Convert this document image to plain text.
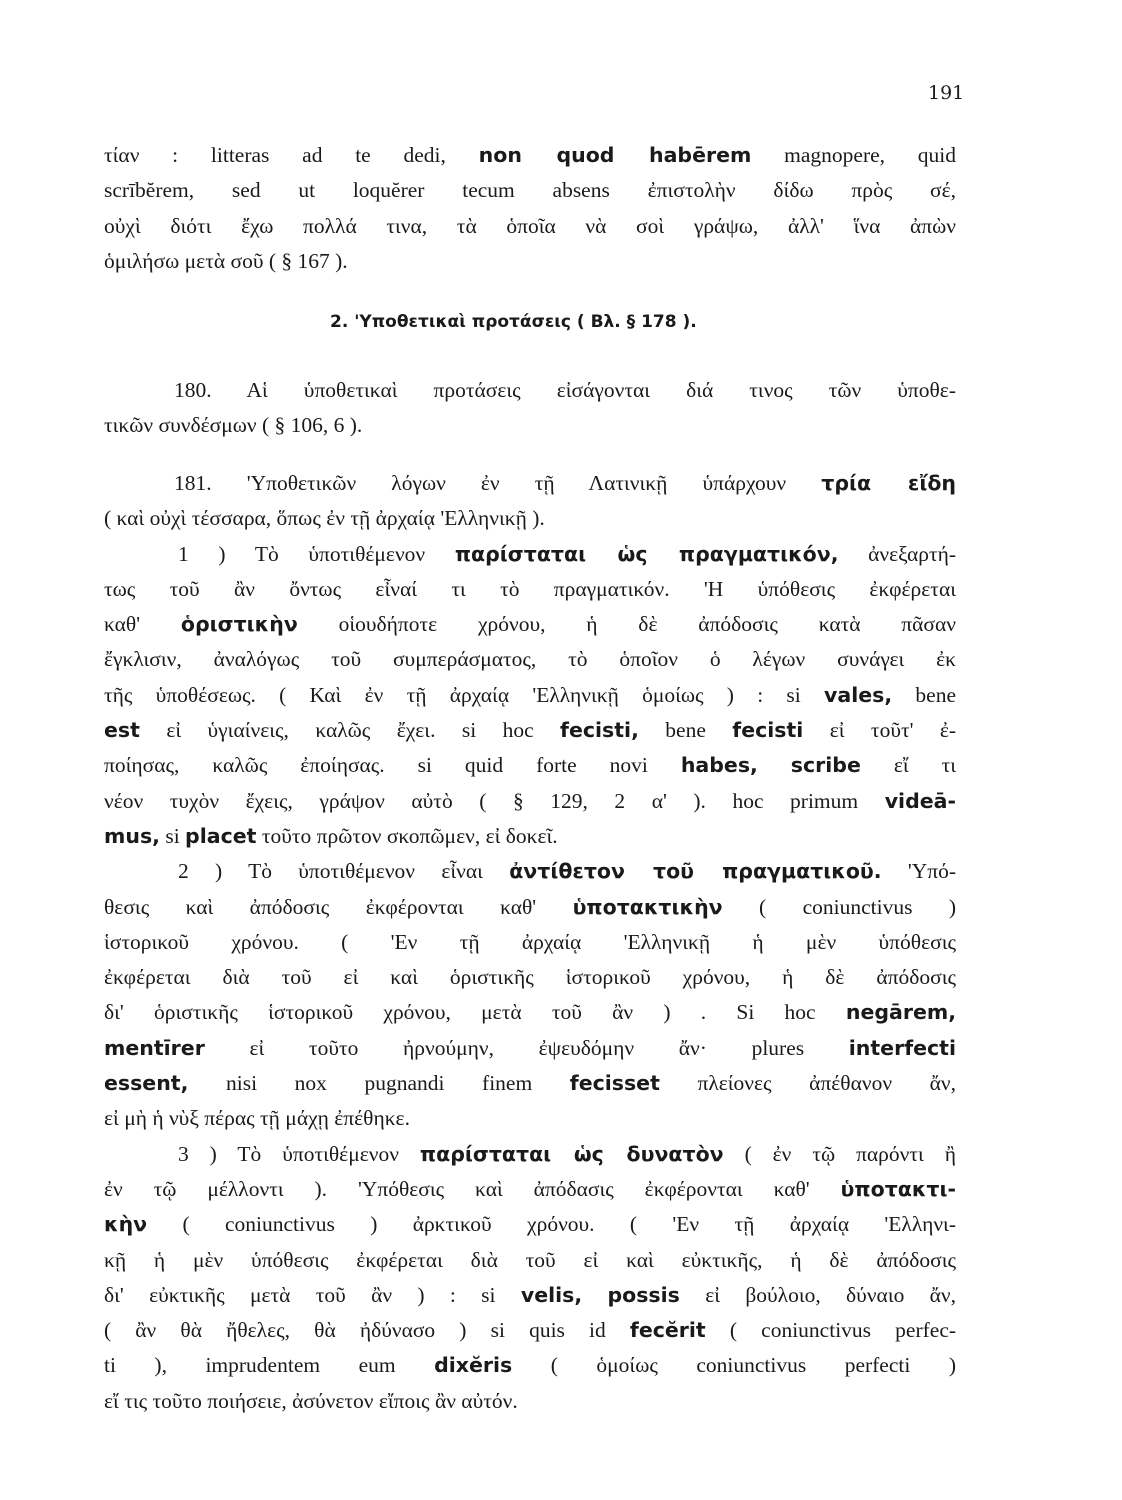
191
τίαν : litteras ad te dedi, non quod habērem magnopere, quid
scrībĕrem, sed ut loquĕrer tecum absens ἐπιστολὴν δίδω πρὸς σέ,
οὐχὶ διότι ἔχω πολλά τινα, τὰ ὁποῖα νὰ σοὶ γράψω, ἀλλ' ἵνα ἀπὼν
ὁμιλήσω μετὰ σοῦ ( § 167 ).
2. 'Υποθετικαὶ προτάσεις ( Βλ. § 178 ).
180. Αἱ ὑποθετικαὶ προτάσεις εἰσάγονται διά τινος τῶν ὑποθε-
τικῶν συνδέσμων ( § 106, 6 ).
181. 'Υποθετικῶν λόγων ἐν τῇ Λατινικῇ ὑπάρχουν τρία εἴδη
( καὶ οὐχὶ τέσσαρα, ὅπως ἐν τῇ ἀρχαίᾳ 'Ελληνικῇ ).
1 ) Τὸ ὑποτιθέμενον παρίσταται ὡς πραγματικόν, ἀνεξαρτή-
τως τοῦ ἂν ὄντως εἶναί τι τὸ πραγματικόν. 'Η ὑπόθεσις ἐκφέρεται
καθ' ὁριστικὴν οἱουδήποτε χρόνου, ἡ δὲ ἀπόδοσις κατὰ πᾶσαν
ἔγκλισιν, ἀναλόγως τοῦ συμπεράσματος, τὸ ὁποῖον ὁ λέγων συνάγει ἐκ
τῆς ὑποθέσεως. ( Καὶ ἐν τῇ ἀρχαίᾳ 'Ελληνικῇ ὁμοίως ) : si vales, bene
est εἰ ὑγιαίνεις, καλῶς ἔχει. si hoc fecisti, bene fecisti εἰ τοῦτ' ἐ-
ποίησας, καλῶς ἐποίησας. si quid forte novi habes, scribe εἴ τι
νέον τυχὸν ἔχεις, γράψον αὐτὸ ( § 129, 2 α' ). hoc primum videā-
mus, si placet τοῦτο πρῶτον σκοπῶμεν, εἰ δοκεῖ.
2 ) Τὸ ὑποτιθέμενον εἶναι ἀντίθετον τοῦ πραγματικοῦ. 'Υπό-
θεσις καὶ ἀπόδοσις ἐκφέρονται καθ' ὑποτακτικὴν ( coniunctivus )
ἱστορικοῦ χρόνου. ( 'Εν τῇ ἀρχαίᾳ 'Ελληνικῇ ἡ μὲν ὑπόθεσις
ἐκφέρεται διὰ τοῦ εἰ καὶ ὁριστικῆς ἱστορικοῦ χρόνου, ἡ δὲ ἀπόδοσις
δι' ὁριστικῆς ἱστορικοῦ χρόνου, μετὰ τοῦ ἂν ) . Si hoc negārem,
mentīrer εἰ τοῦτο ἠρνούμην, ἐψευδόμην ἄν· plures interfecti
essent, nisi nox pugnandi finem fecisset πλείονες ἀπέθανον ἄν,
εἰ μὴ ἡ νὺξ πέρας τῇ μάχῃ ἐπέθηκε.
3 ) Τὸ ὑποτιθέμενον παρίσταται ὡς δυνατὸν ( ἐν τῷ παρόντι ἢ
ἐν τῷ μέλλοντι ). 'Υπόθεσις καὶ ἀπόδασις ἐκφέρονται καθ' ὑποτακτι-
κὴν ( coniunctivus ) ἀρκτικοῦ χρόνου. ( 'Εν τῇ ἀρχαίᾳ 'Ελληνι-
κῇ ἡ μὲν ὑπόθεσις ἐκφέρεται διὰ τοῦ εἰ καὶ εὐκτικῆς, ἡ δὲ ἀπόδοσις
δι' εὐκτικῆς μετὰ τοῦ ἂν ) : si velis, possis εἰ βούλοιο, δύναιο ἄν,
( ἂν θὰ ἤθελες, θὰ ἠδύνασο ) si quis id fecĕrit ( coniunctivus perfec-
ti ), imprudentem eum dixĕris ( ὁμοίως coniunctivus perfecti )
εἴ τις τοῦτο ποιήσειε, ἀσύνετον εἴποις ἂν αὐτόν.
